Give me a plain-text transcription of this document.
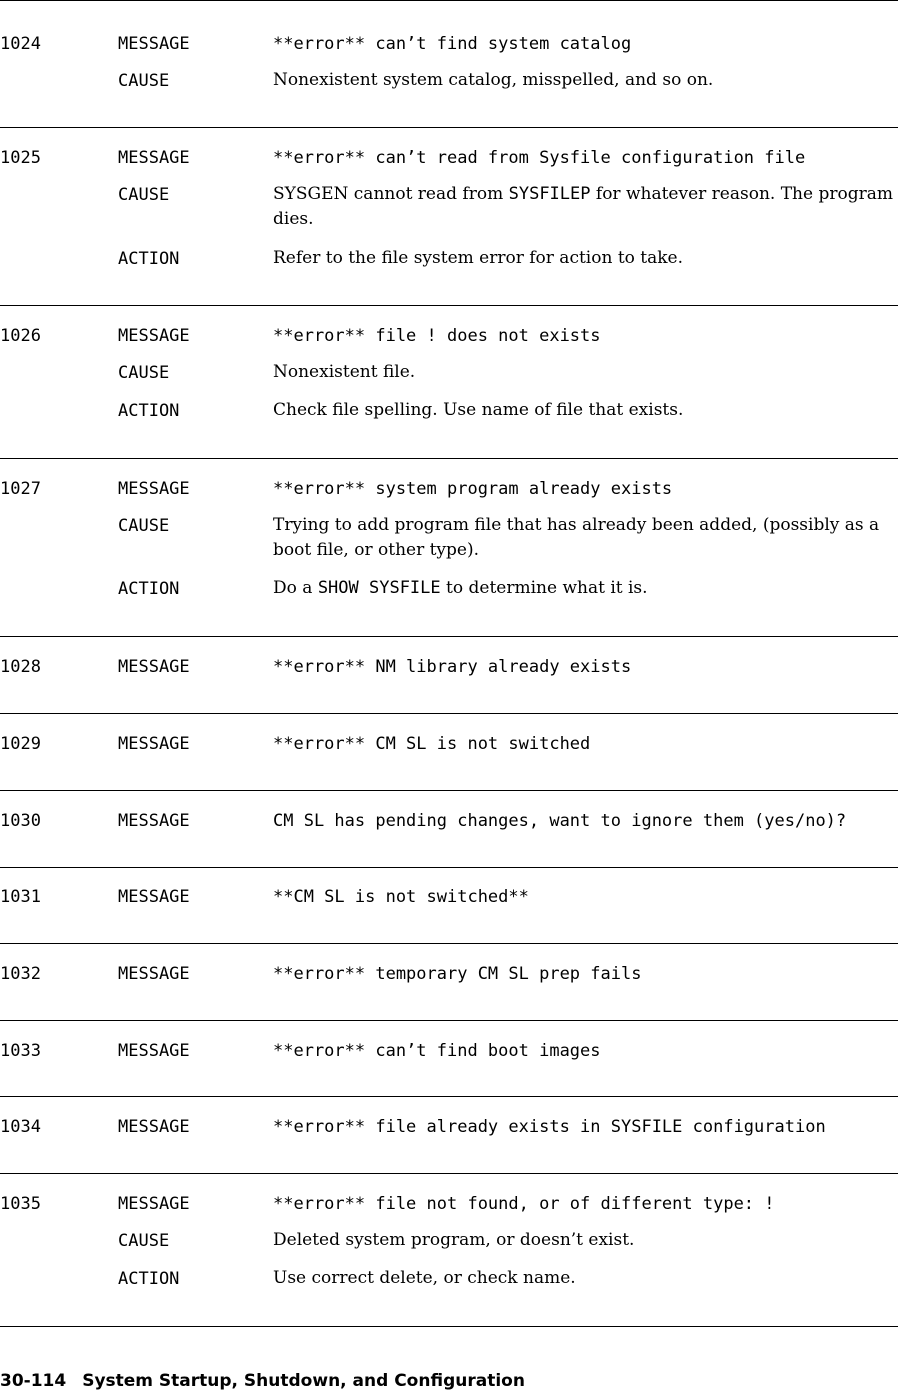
1024	MESSAGE	**error** can’t find system catalog
CAUSE	Nonexistent system catalog, misspelled, and so on.
1025	MESSAGE	**error** can’t read from Sysfile configuration file
CAUSE	SYSGEN cannot read from SYSFILEP for whatever reason. The program dies.
ACTION	Refer to the file system error for action to take.
1026	MESSAGE	**error** file ! does not exists
CAUSE	Nonexistent file.
ACTION	Check file spelling. Use name of file that exists.
1027	MESSAGE	**error** system program already exists
CAUSE	Trying to add program file that has already been added, (possibly as a boot file, or other type).
ACTION	Do a SHOW SYSFILE to determine what it is.
1028	MESSAGE	**error** NM library already exists
1029	MESSAGE	**error** CM SL is not switched
1030	MESSAGE	CM SL has pending changes, want to ignore them (yes/no)?
1031	MESSAGE	**CM SL is not switched**
1032	MESSAGE	**error** temporary CM SL prep fails
1033	MESSAGE	**error** can’t find boot images
1034	MESSAGE	**error** file already exists in SYSFILE configuration
1035	MESSAGE	**error** file not found, or of different type: !
CAUSE	Deleted system program, or doesn’t exist.
ACTION	Use correct delete, or check name.
30-114 System Startup, Shutdown, and Configuration
